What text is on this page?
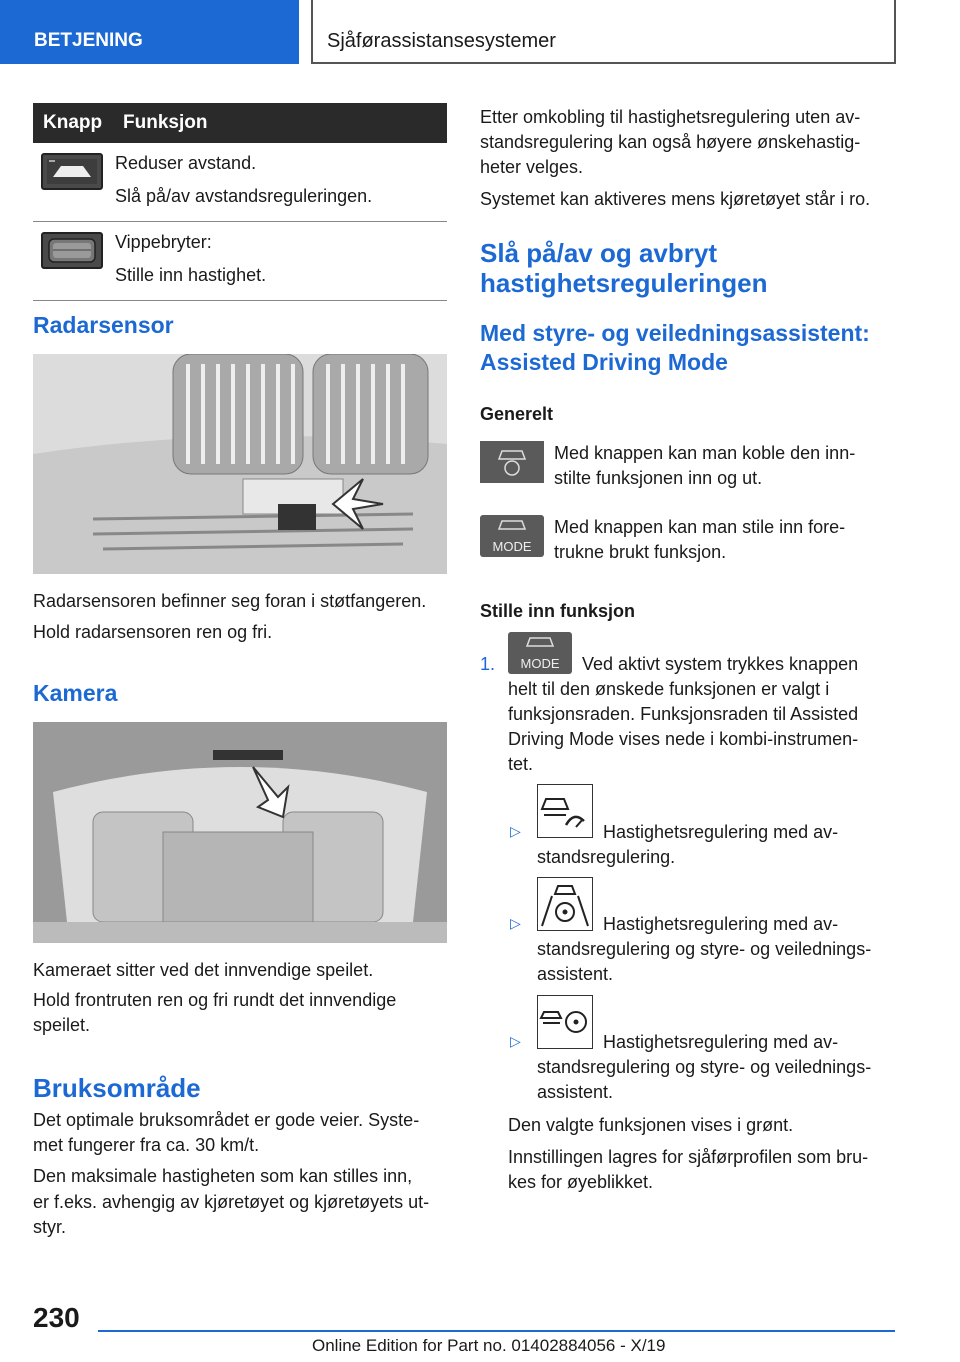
BETJENING	Sjåførassistansesystemer
Knapp	Funksjon

Reduser avstand.
Slå på/av avstandsreguleringen.

Vippebryter:
Stille inn hastighet.
Radarsensor
Radarsensoren befinner seg foran i støtfangeren.
Hold radarsensoren ren og fri.
Kamera
Kameraet sitter ved det innvendige speilet.
Hold frontruten ren og fri rundt det innvendige
speilet.
Bruksområde
Det optimale bruksområdet er gode veier. Syste-
met fungerer fra ca. 30 km/t.
Den maksimale hastigheten som kan stilles inn,
er f.eks. avhengig av kjøretøyet og kjøretøyets ut-
styr.
Etter omkobling til hastighetsregulering uten av-
standsregulering kan også høyere ønskehastig-
heter velges.
Systemet kan aktiveres mens kjøretøyet står i ro.
Slå på/av og avbryt
hastighetsreguleringen
Med styre- og veiledningsassistent:
Assisted Driving Mode
Generelt
Med knappen kan man koble den inn-
stilte funksjonen inn og ut.
MODE
Med knappen kan man stile inn fore-
trukne brukt funksjon.
Stille inn funksjon
1.	MODE	Ved aktivt system trykkes knappen
helt til den ønskede funksjonen er valgt i
funksjonsraden. Funksjonsraden til Assisted
Driving Mode vises nede i kombi-instrumen-
tet.
▷	Hastighetsregulering med av-
standsregulering.
▷	Hastighetsregulering med av-
standsregulering og styre- og veilednings-
assistent.
▷	Hastighetsregulering med av-
standsregulering og styre- og veilednings-
assistent.
Den valgte funksjonen vises i grønt.
Innstillingen lagres for sjåførprofilen som bru-
kes for øyeblikket.
230
Online Edition for Part no. 01402884056 - X/19
